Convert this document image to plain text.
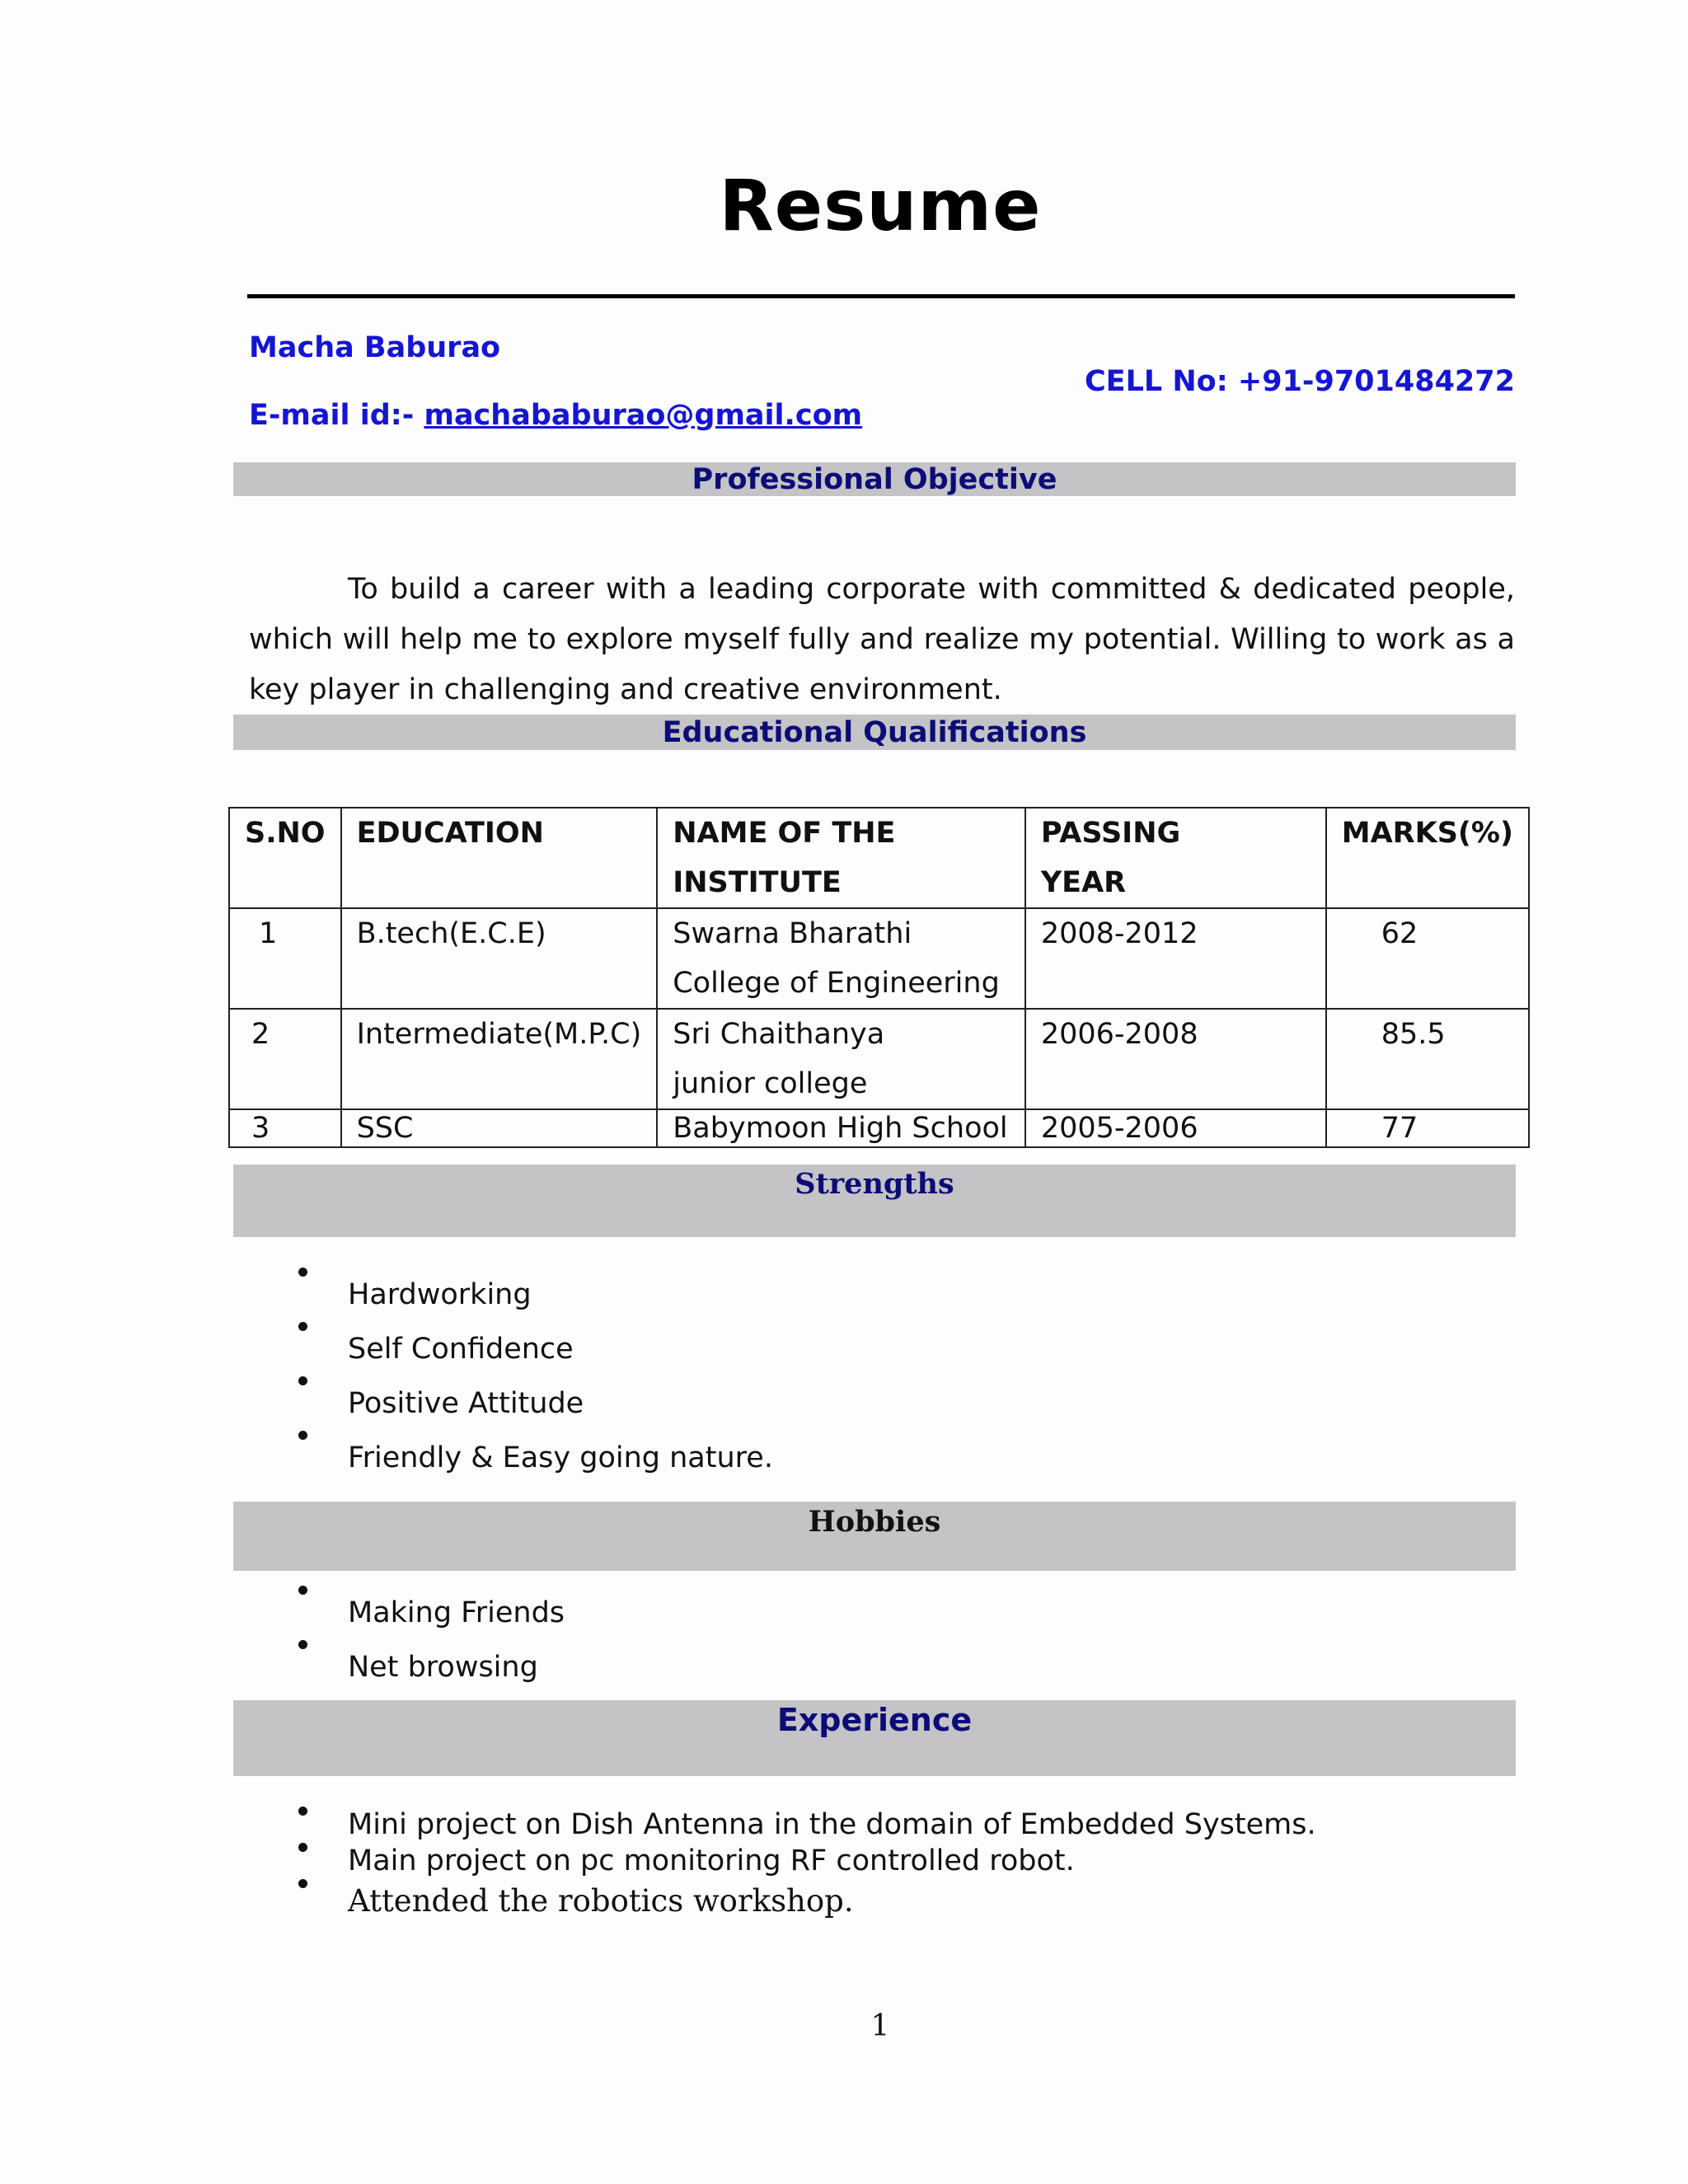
Resume
Macha Baburao
CELL No: +91-9701484272
E-mail id:- machababurao@gmail.com
Professional Objective
To build a career with a leading corporate with committed & dedicated people, which will help me to explore myself fully and realize my potential. Willing to work as a key player in challenging and creative environment.
Educational Qualifications
S.NO	EDUCATION	NAME OF THE INSTITUTE	PASSING YEAR	MARKS(%)
1	B.tech(E.C.E)	Swarna Bharathi College of Engineering	2008-2012	62
2	Intermediate(M.P.C)	Sri Chaithanya junior college	2006-2008	85.5
3	SSC	Babymoon High School	2005-2006	77
Strengths
Hardworking
Self Confidence
Positive Attitude
Friendly & Easy going nature.
Hobbies
Making Friends
Net browsing
Experience
Mini project on Dish Antenna in the domain of Embedded Systems.
Main project on pc monitoring RF controlled robot.
Attended the robotics workshop.
1
